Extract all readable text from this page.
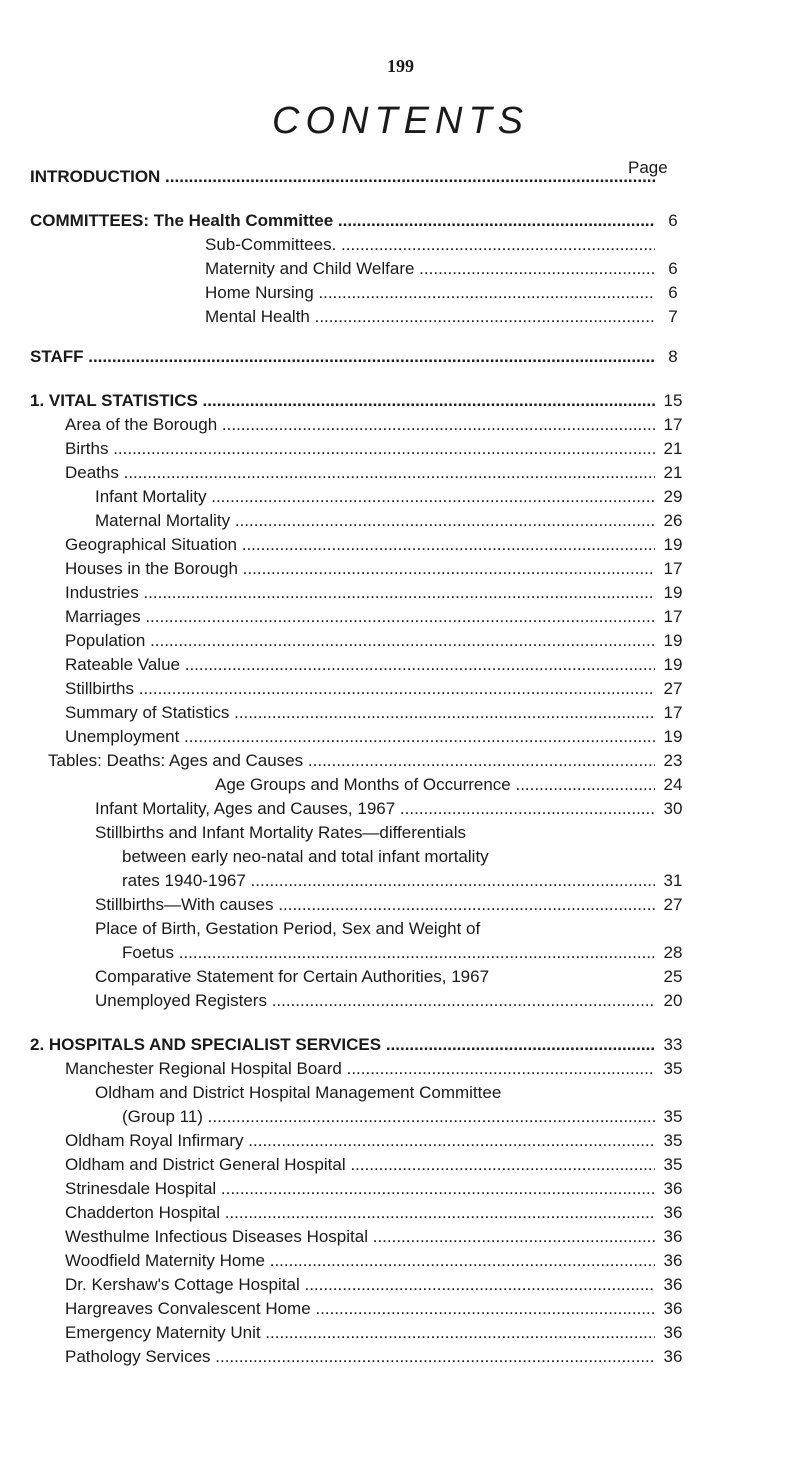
199
CONTENTS
Page
INTRODUCTION .....
COMMITTEES: The Health Committee .....	6
Sub-Committees. .....
Maternity and Child Welfare .....	6
Home Nursing .....	6
Mental Health .....	7
STAFF .....	8
1. VITAL STATISTICS .....	15
Area of the Borough .....	17
Births .....	21
Deaths .....	21
Infant Mortality .....	29
Maternal Mortality .....	26
Geographical Situation .....	19
Houses in the Borough .....	17
Industries .....	19
Marriages .....	17
Population .....	19
Rateable Value .....	19
Stillbirths .....	27
Summary of Statistics .....	17
Unemployment .....	19
Tables: Deaths: Ages and Causes .....	23
Age Groups and Months of Occurrence .....	24
Infant Mortality, Ages and Causes, 1967 .....	30
Stillbirths and Infant Mortality Rates—differentials
between early neo-natal and total infant mortality
rates 1940-1967 .....	31
Stillbirths—With causes .....	27
Place of Birth, Gestation Period, Sex and Weight of
Foetus .....	28
Comparative Statement for Certain Authorities, 1967	25
Unemployed Registers .....	20
2. HOSPITALS AND SPECIALIST SERVICES .....	33
Manchester Regional Hospital Board .....	35
Oldham and District Hospital Management Committee
(Group 11) .....	35
Oldham Royal Infirmary .....	35
Oldham and District General Hospital .....	35
Strinesdale Hospital .....	36
Chadderton Hospital .....	36
Westhulme Infectious Diseases Hospital .....	36
Woodfield Maternity Home .....	36
Dr. Kershaw's Cottage Hospital .....	36
Hargreaves Convalescent Home .....	36
Emergency Maternity Unit .....	36
Pathology Services .....	36
